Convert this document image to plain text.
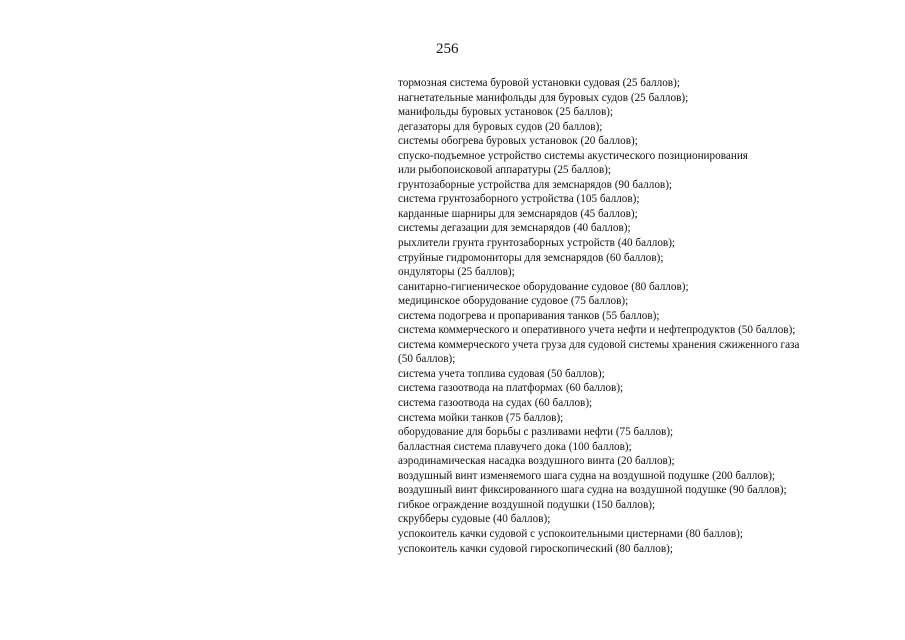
256
тормозная система буровой установки судовая (25 баллов);
нагнетательные манифольды для буровых судов (25 баллов);
манифольды буровых установок (25 баллов);
дегазаторы для буровых судов (20 баллов);
системы обогрева буровых установок (20 баллов);
спуско-подъемное устройство системы акустического позиционирования
или рыбопоисковой аппаратуры (25 баллов);
грунтозаборные устройства для земснарядов (90 баллов);
система грунтозаборного устройства (105 баллов);
карданные шарниры для земснарядов (45 баллов);
системы дегазации для земснарядов (40 баллов);
рыхлители грунта грунтозаборных устройств (40 баллов);
струйные гидромониторы для земснарядов (60 баллов);
ондуляторы (25 баллов);
санитарно-гигиеническое оборудование судовое (80 баллов);
медицинское оборудование судовое (75 баллов);
система подогрева и пропаривания танков (55 баллов);
система коммерческого и оперативного учета нефти и нефтепродуктов (50 баллов);
система коммерческого учета груза для судовой системы хранения сжиженного газа
(50 баллов);
система учета топлива судовая (50 баллов);
система газоотвода на платформах (60 баллов);
система газоотвода на судах (60 баллов);
система мойки танков (75 баллов);
оборудование для борьбы с разливами нефти (75 баллов);
балластная система плавучего дока (100 баллов);
аэродинамическая насадка воздушного винта (20 баллов);
воздушный винт изменяемого шага судна на воздушной подушке (200 баллов);
воздушный винт фиксированного шага судна на воздушной подушке (90 баллов);
гибкое ограждение воздушной подушки (150 баллов);
скрубберы судовые (40 баллов);
успокоитель качки судовой с успокоительными цистернами (80 баллов);
успокоитель качки судовой гироскопический (80 баллов);
